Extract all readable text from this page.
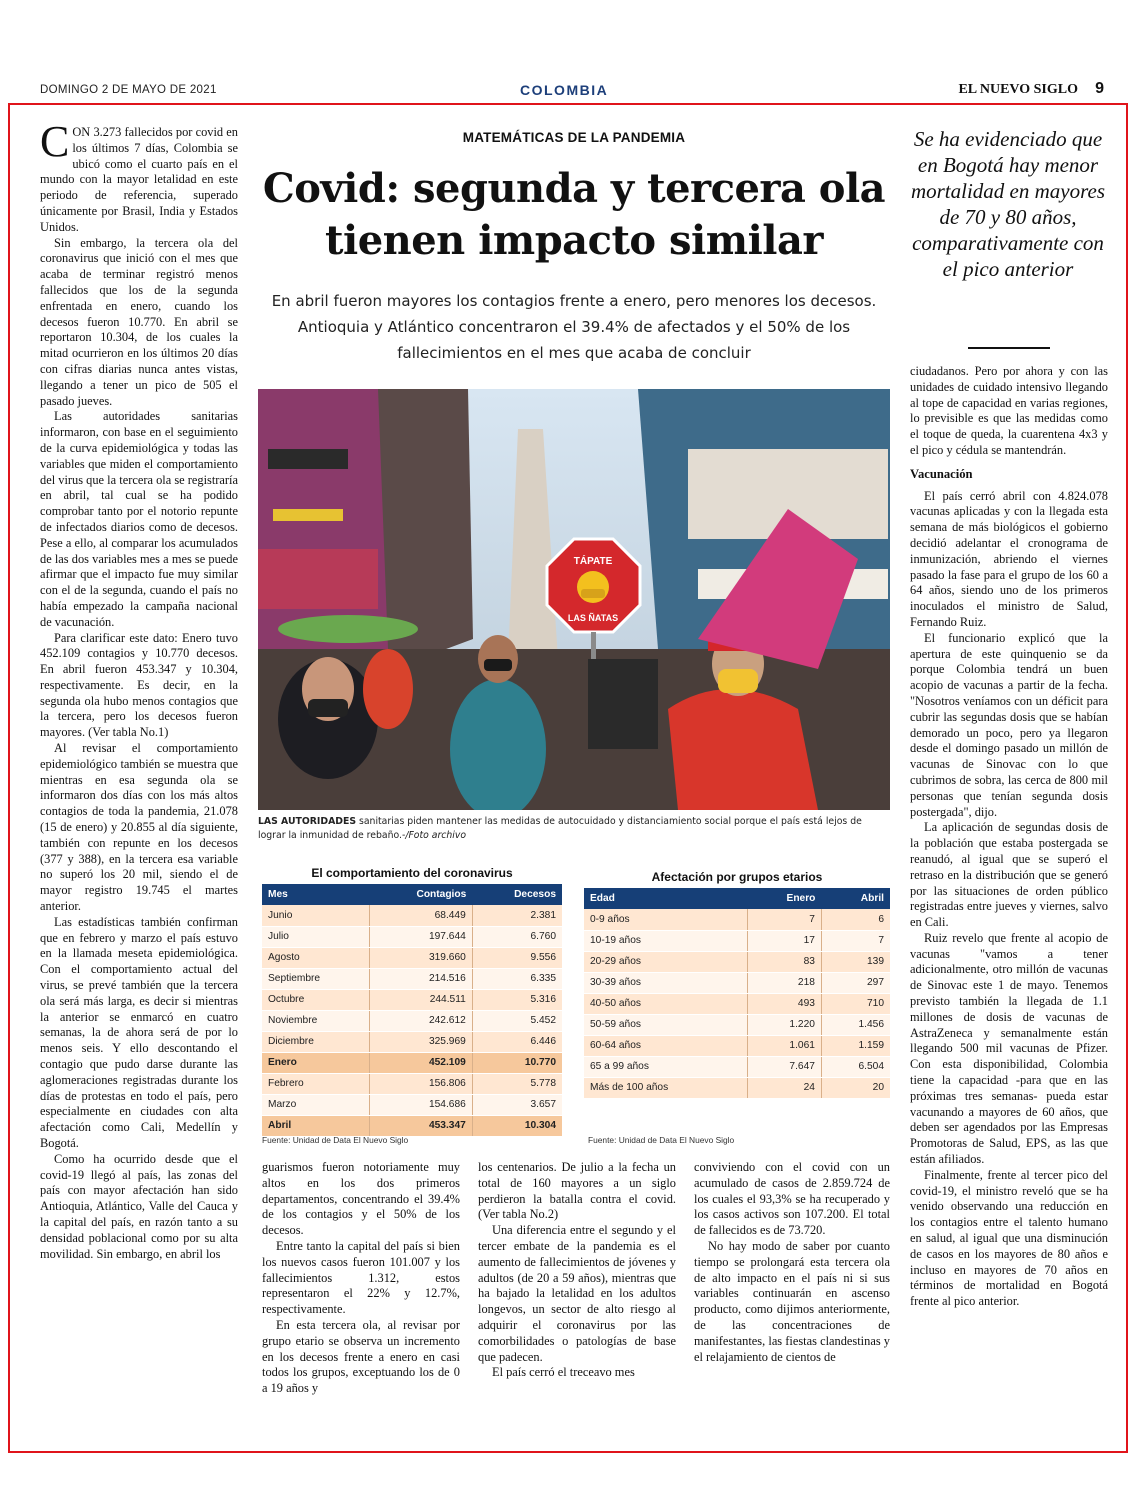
DOMINGO 2 DE MAYO DE 2021	COLOMBIA	EL NUEVO SIGLO 9

CON 3.273 fallecidos por covid en los últimos 7 días, Colombia se ubicó como el cuarto país en el mundo con la mayor letalidad en este periodo de referencia, superado únicamente por Brasil, India y Estados Unidos.

Sin embargo, la tercera ola del coronavirus que inició con el mes que acaba de terminar registró menos fallecidos que los de la segunda enfrentada en enero, cuando los decesos fueron 10.770. En abril se reportaron 10.304, de los cuales la mitad ocurrieron en los últimos 20 días con cifras diarias nunca antes vistas, llegando a tener un pico de 505 el pasado jueves.

Las autoridades sanitarias informaron, con base en el seguimiento de la curva epidemiológica y todas las variables que miden el comportamiento del virus que la tercera ola se registraría en abril, tal cual se ha podido comprobar tanto por el notorio repunte de infectados diarios como de decesos. Pese a ello, al comparar los acumulados de las dos variables mes a mes se puede afirmar que el impacto fue muy similar con el de la segunda, cuando el país no había empezado la campaña nacional de vacunación.

Para clarificar este dato: Enero tuvo 452.109 contagios y 10.770 decesos. En abril fueron 453.347 y 10.304, respectivamente. Es decir, en la segunda ola hubo menos contagios que la tercera, pero los decesos fueron mayores. (Ver tabla No.1)

Al revisar el comportamiento epidemiológico también se muestra que mientras en esa segunda ola se informaron dos días con los más altos contagios de toda la pandemia, 21.078 (15 de enero) y 20.855 al día siguiente, también con repunte en los decesos (377 y 388), en la tercera esa variable no superó los 20 mil, siendo el de mayor registro 19.745 el martes anterior.

Las estadísticas también confirman que en febrero y marzo el país estuvo en la llamada meseta epidemiológica. Con el comportamiento actual del virus, se prevé también que la tercera ola será más larga, es decir si mientras la anterior se enmarcó en cuatro semanas, la de ahora será de por lo menos seis. Y ello descontando el contagio que pudo darse durante las aglomeraciones registradas durante los días de protestas en todo el país, pero especialmente en ciudades con alta afectación como Cali, Medellín y Bogotá.

Como ha ocurrido desde que el covid-19 llegó al país, las zonas del país con mayor afectación han sido Antioquia, Atlántico, Valle del Cauca y la capital del país, en razón tanto a su densidad poblacional como por su alta movilidad. Sin embargo, en abril los

MATEMÁTICAS DE LA PANDEMIA
Covid: segunda y tercera ola tienen impacto similar
En abril fueron mayores los contagios frente a enero, pero menores los decesos. Antioquia y Atlántico concentraron el 39.4% de afectados y el 50% de los fallecimientos en el mes que acaba de concluir
Se ha evidenciado que en Bogotá hay menor mortalidad en mayores de 70 y 80 años, comparativamente con el pico anterior
TÁPATE
LAS ÑATAS
LAS AUTORIDADES sanitarias piden mantener las medidas de autocuidado y distanciamiento social porque el país está lejos de lograr la inmunidad de rebaño.-/Foto archivo
El comportamiento del coronavirus
Mes	Contagios	Decesos
Junio	68.449	2.381
Julio	197.644	6.760
Agosto	319.660	9.556
Septiembre	214.516	6.335
Octubre	244.511	5.316
Noviembre	242.612	5.452
Diciembre	325.969	6.446
Enero	452.109	10.770
Febrero	156.806	5.778
Marzo	154.686	3.657
Abril	453.347	10.304
Fuente: Unidad de Data El Nuevo Siglo
Afectación por grupos etarios
Edad	Enero	Abril
0-9 años	7	6
10-19 años	17	7
20-29 años	83	139
30-39 años	218	297
40-50 años	493	710
50-59 años	1.220	1.456
60-64 años	1.061	1.159
65 a 99 años	7.647	6.504
Más de 100 años	24	20
Fuente: Unidad de Data El Nuevo Siglo

guarismos fueron notoriamente muy altos en los dos primeros departamentos, concentrando el 39.4% de los contagios y el 50% de los decesos.

Entre tanto la capital del país si bien los nuevos casos fueron 101.007 y los fallecimientos 1.312, estos representaron el 22% y 12.7%, respectivamente.

En esta tercera ola, al revisar por grupo etario se observa un incremento en los decesos frente a enero en casi todos los grupos, exceptuando los de 0 a 19 años y

los centenarios. De julio a la fecha un total de 160 mayores a un siglo perdieron la batalla contra el covid. (Ver tabla No.2)

Una diferencia entre el segundo y el tercer embate de la pandemia es el aumento de fallecimientos de jóvenes y adultos (de 20 a 59 años), mientras que ha bajado la letalidad en los adultos longevos, un sector de alto riesgo al adquirir el coronavirus por las comorbilidades o patologías de base que padecen.

El país cerró el treceavo mes

conviviendo con el covid con un acumulado de casos de 2.859.724 de los cuales el 93,3% se ha recuperado y los casos activos son 107.200. El total de fallecidos es de 73.720.

No hay modo de saber por cuanto tiempo se prolongará esta tercera ola de alto impacto en el país ni si sus variables continuarán en ascenso producto, como dijimos anteriormente, de las concentraciones de manifestantes, las fiestas clandestinas y el relajamiento de cientos de

ciudadanos. Pero por ahora y con las unidades de cuidado intensivo llegando al tope de capacidad en varias regiones, lo previsible es que las medidas como el toque de queda, la cuarentena 4x3 y el pico y cédula se mantendrán.

Vacunación

El país cerró abril con 4.824.078 vacunas aplicadas y con la llegada esta semana de más biológicos el gobierno decidió adelantar el cronograma de inmunización, abriendo el viernes pasado la fase para el grupo de los 60 a 64 años, siendo uno de los primeros inoculados el ministro de Salud, Fernando Ruiz.

El funcionario explicó que la apertura de este quinquenio se da porque Colombia tendrá un buen acopio de vacunas a partir de la fecha. "Nosotros veníamos con un déficit para cubrir las segundas dosis que se habían demorado un poco, pero ya llegaron desde el domingo pasado un millón de vacunas de Sinovac con lo que cubrimos de sobra, las cerca de 800 mil personas que tenían segunda dosis postergada", dijo.

La aplicación de segundas dosis de la población que estaba postergada se reanudó, al igual que se superó el retraso en la distribución que se generó por las situaciones de orden público registradas entre jueves y viernes, salvo en Cali.

Ruiz revelo que frente al acopio de vacunas "vamos a tener adicionalmente, otro millón de vacunas de Sinovac este 1 de mayo. Tenemos previsto también la llegada de 1.1 millones de dosis de vacunas de AstraZeneca y semanalmente están llegando 500 mil vacunas de Pfizer. Con esta disponibilidad, Colombia tiene la capacidad -para que en las próximas tres semanas- pueda estar vacunando a mayores de 60 años, que deben ser agendados por las Empresas Promotoras de Salud, EPS, as las que están afiliados.

Finalmente, frente al tercer pico del covid-19, el ministro reveló que se ha venido observando una reducción en los contagios entre el talento humano en salud, al igual que una disminución de casos en los mayores de 80 años e incluso en mayores de 70 años en términos de mortalidad en Bogotá frente al pico anterior.
